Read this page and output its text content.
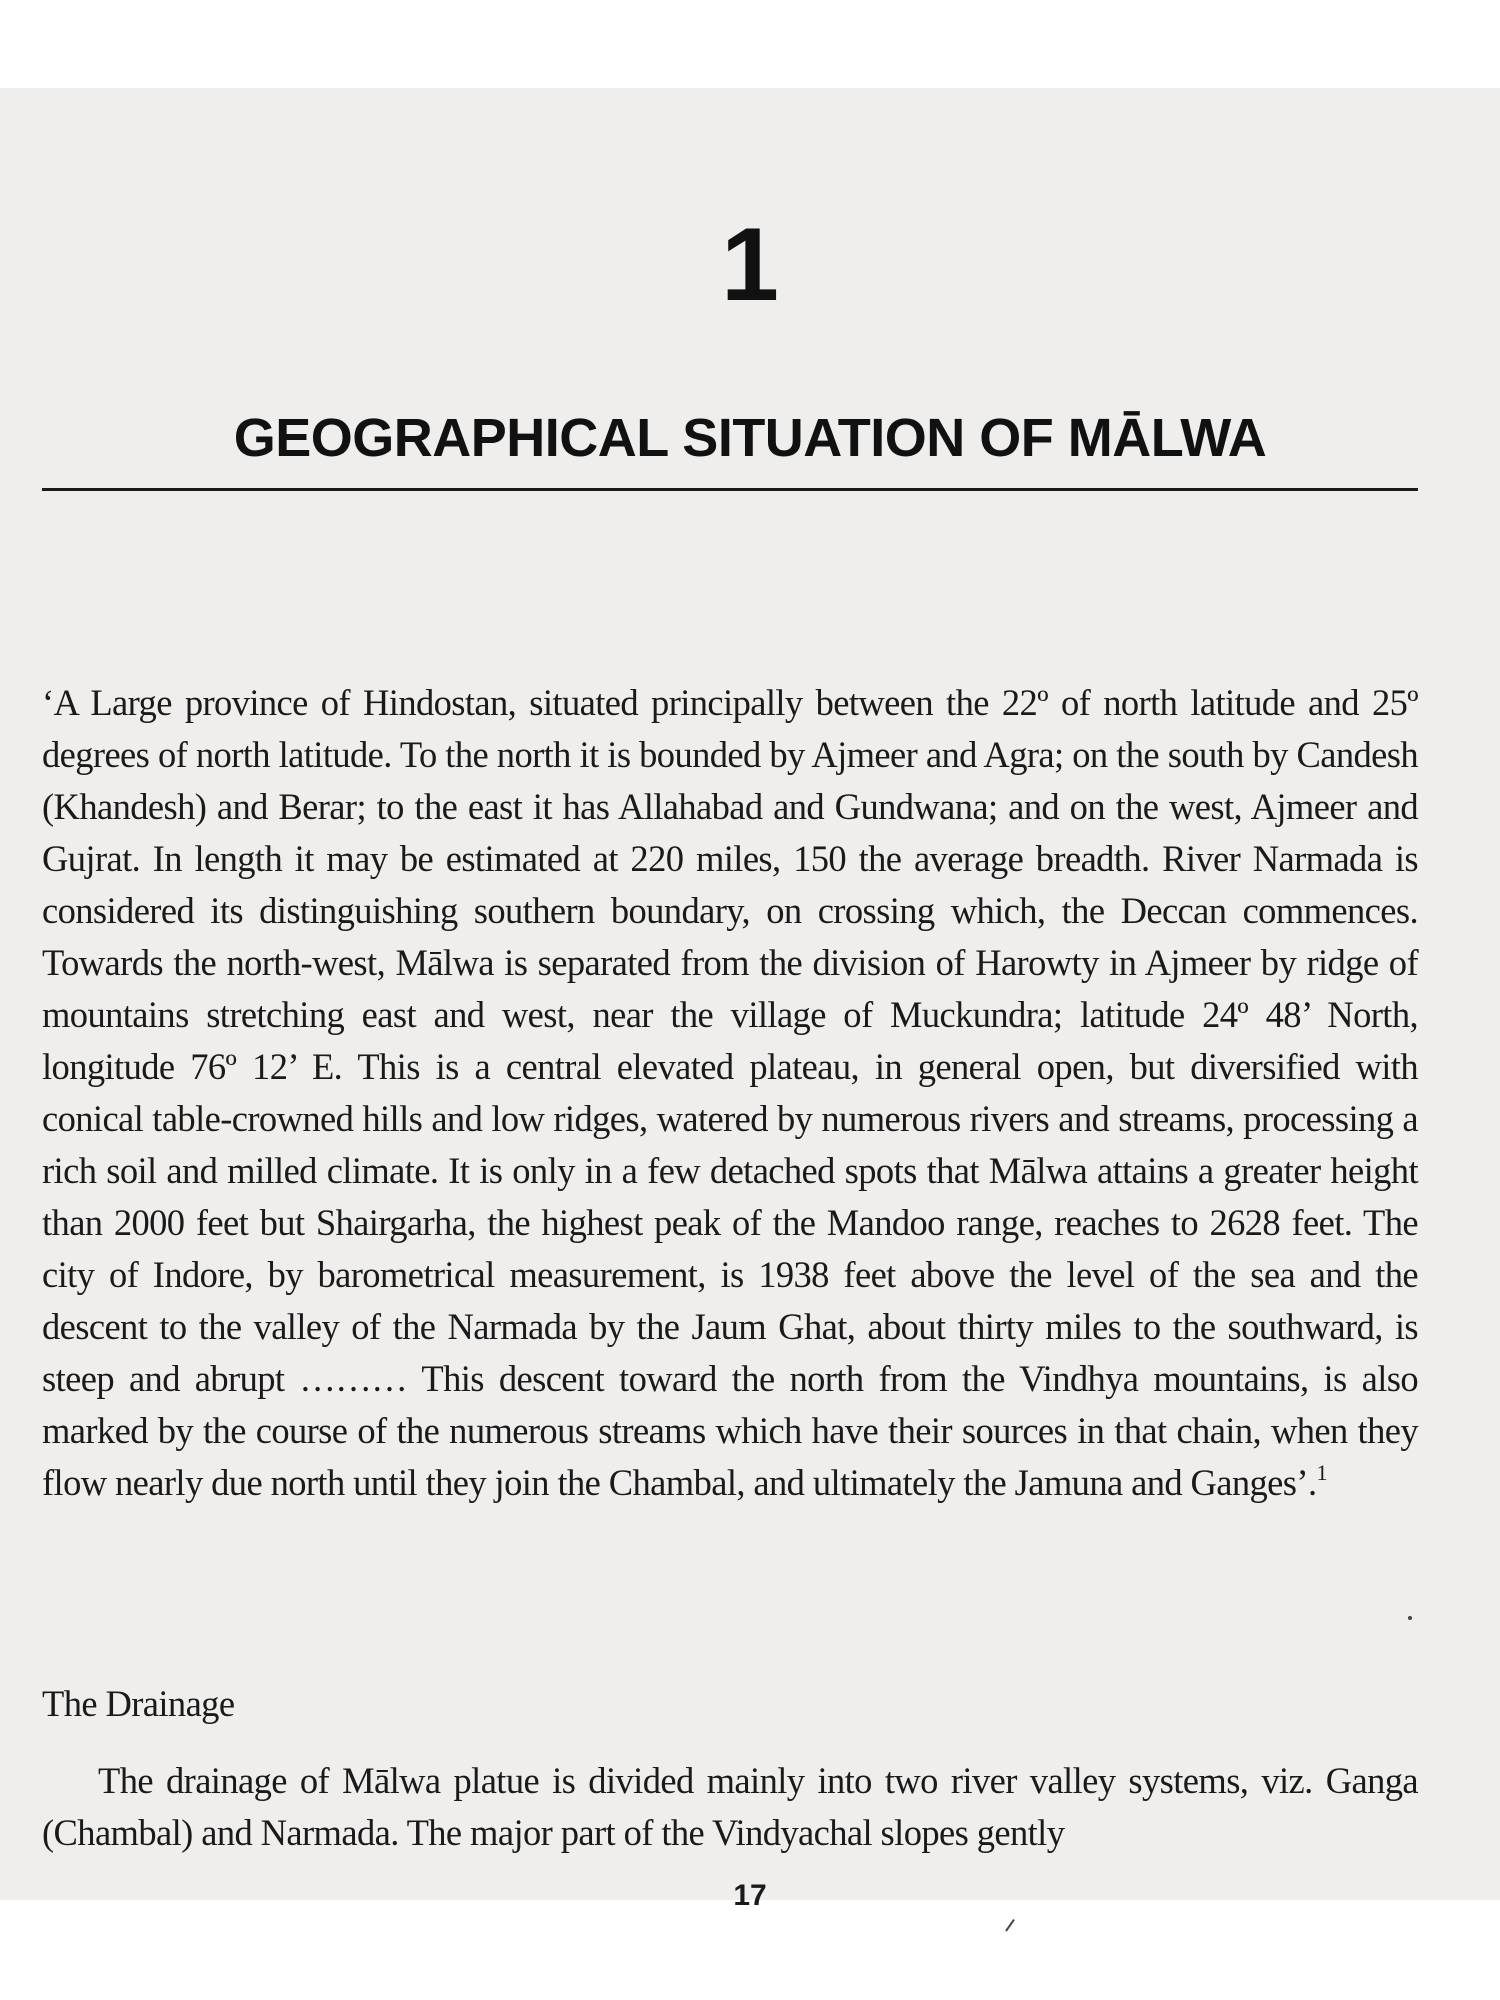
1
GEOGRAPHICAL SITUATION OF MĀLWA

‘A Large province of Hindostan, situated principally between the 22º of north latitude and 25º degrees of north latitude. To the north it is bounded by Ajmeer and Agra; on the south by Candesh (Khandesh) and Berar; to the east it has Allahabad and Gundwana; and on the west, Ajmeer and Gujrat. In length it may be estimated at 220 miles, 150 the average breadth. River Narmada is considered its distinguishing southern boundary, on crossing which, the Deccan commences. Towards the north-west, Mālwa is separated from the division of Harowty in Ajmeer by ridge of mountains stretching east and west, near the village of Muckundra; latitude 24º 48’ North, longitude 76º 12’ E. This is a central elevated plateau, in general open, but diversified with conical table-crowned hills and low ridges, watered by numerous rivers and streams, processing a rich soil and milled climate. It is only in a few detached spots that Mālwa attains a greater height than 2000 feet but Shairgarha, the highest peak of the Mandoo range, reaches to 2628 feet. The city of Indore, by barometrical measurement, is 1938 feet above the level of the sea and the descent to the valley of the Narmada by the Jaum Ghat, about thirty miles to the southward, is steep and abrupt ……… This descent toward the north from the Vindhya mountains, is also marked by the course of the numerous streams which have their sources in that chain, when they flow nearly due north until they join the Chambal, and ultimately the Jamuna and Ganges’.$^1$

The Drainage

The drainage of Mālwa platue is divided mainly into two river valley systems, viz. Ganga (Chambal) and Narmada. The major part of the Vindyachal slopes gently

17
